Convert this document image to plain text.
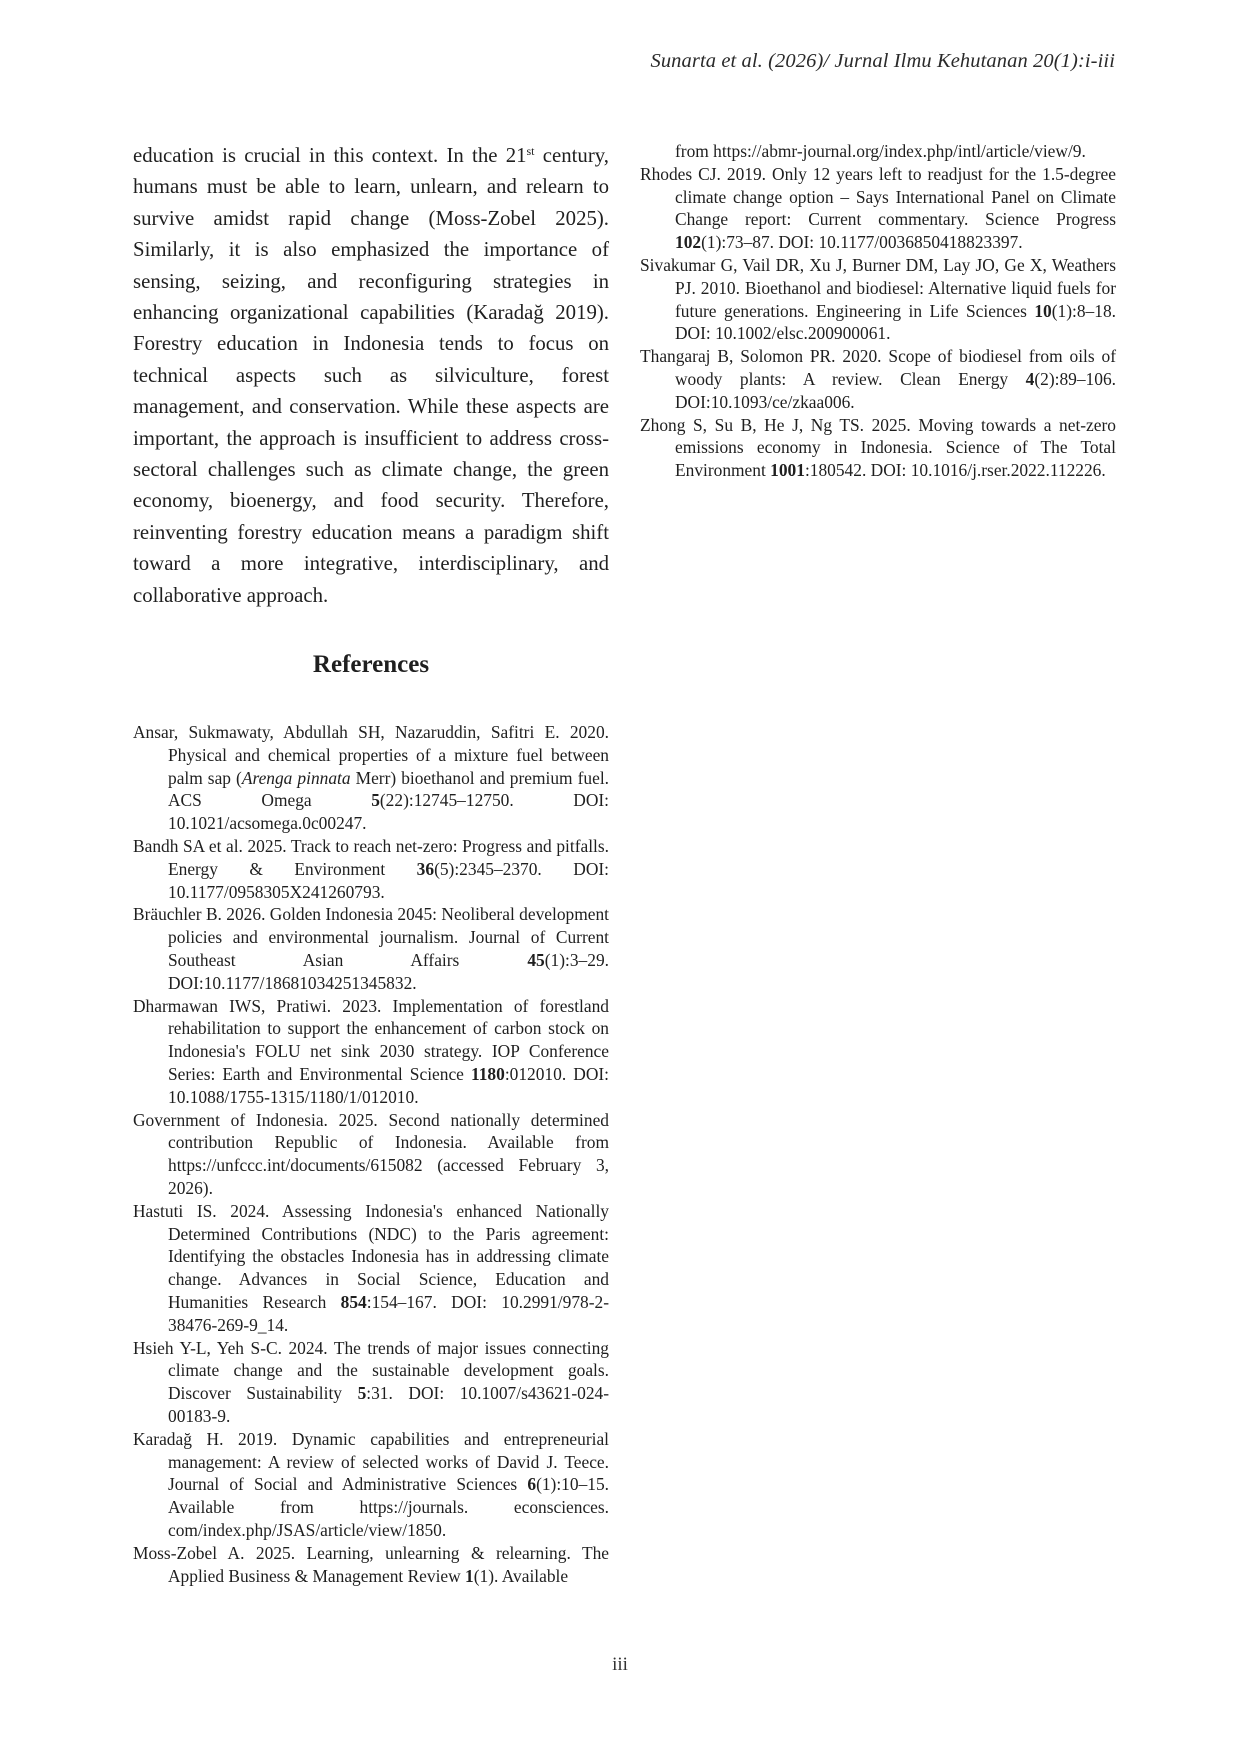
Sunarta et al. (2026)/ Jurnal Ilmu Kehutanan 20(1):i-iii

education is crucial in this context. In the 21st century, humans must be able to learn, unlearn, and relearn to survive amidst rapid change (Moss-Zobel 2025). Similarly, it is also emphasized the importance of sensing, seizing, and reconfiguring strategies in enhancing organizational capabilities (Karadağ 2019). Forestry education in Indonesia tends to focus on technical aspects such as silviculture, forest management, and conservation. While these aspects are important, the approach is insufficient to address cross-sectoral challenges such as climate change, the green economy, bioenergy, and food security. Therefore, reinventing forestry education means a paradigm shift toward a more integrative, interdisciplinary, and collaborative approach.

References

Ansar, Sukmawaty, Abdullah SH, Nazaruddin, Safitri E. 2020. Physical and chemical properties of a mixture fuel between palm sap (Arenga pinnata Merr) bioethanol and premium fuel. ACS Omega 5(22):12745–12750. DOI: 10.1021/acsomega.0c00247.

Bandh SA et al. 2025. Track to reach net-zero: Progress and pitfalls. Energy & Environment 36(5):2345–2370. DOI: 10.1177/0958305X241260793.

Bräuchler B. 2026. Golden Indonesia 2045: Neoliberal development policies and environmental journalism. Journal of Current Southeast Asian Affairs 45(1):3–29. DOI:10.1177/18681034251345832.

Dharmawan IWS, Pratiwi. 2023. Implementation of forestland rehabilitation to support the enhancement of carbon stock on Indonesia's FOLU net sink 2030 strategy. IOP Conference Series: Earth and Environmental Science 1180:012010. DOI: 10.1088/1755-1315/1180/1/012010.

Government of Indonesia. 2025. Second nationally determined contribution Republic of Indonesia. Available from https://unfccc.int/documents/615082 (accessed February 3, 2026).

Hastuti IS. 2024. Assessing Indonesia's enhanced Nationally Determined Contributions (NDC) to the Paris agreement: Identifying the obstacles Indonesia has in addressing climate change. Advances in Social Science, Education and Humanities Research 854:154–167. DOI: 10.2991/978-2-38476-269-9_14.

Hsieh Y-L, Yeh S-C. 2024. The trends of major issues connecting climate change and the sustainable development goals. Discover Sustainability 5:31. DOI: 10.1007/s43621-024-00183-9.

Karadağ H. 2019. Dynamic capabilities and entrepreneurial management: A review of selected works of David J. Teece. Journal of Social and Administrative Sciences 6(1):10–15. Available from https://journals. econsciences. com/index.php/JSAS/article/view/1850.

Moss-Zobel A. 2025. Learning, unlearning & relearning. The Applied Business & Management Review 1(1). Available

from https://abmr-journal.org/index.php/intl/article/view/9.

Rhodes CJ. 2019. Only 12 years left to readjust for the 1.5-degree climate change option – Says International Panel on Climate Change report: Current commentary. Science Progress 102(1):73–87. DOI: 10.1177/0036850418823397.

Sivakumar G, Vail DR, Xu J, Burner DM, Lay JO, Ge X, Weathers PJ. 2010. Bioethanol and biodiesel: Alternative liquid fuels for future generations. Engineering in Life Sciences 10(1):8–18. DOI: 10.1002/elsc.200900061.

Thangaraj B, Solomon PR. 2020. Scope of biodiesel from oils of woody plants: A review. Clean Energy 4(2):89–106. DOI:10.1093/ce/zkaa006.

Zhong S, Su B, He J, Ng TS. 2025. Moving towards a net-zero emissions economy in Indonesia. Science of The Total Environment 1001:180542. DOI: 10.1016/j.rser.2022.112226.

iii
